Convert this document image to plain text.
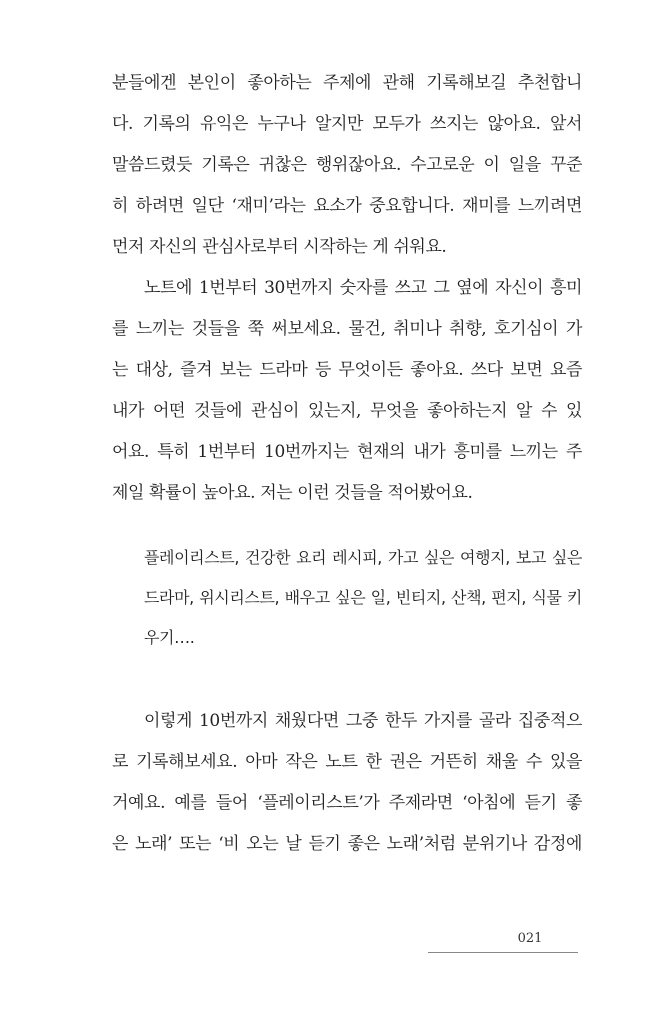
분들에겐 본인이 좋아하는 주제에 관해 기록해보길 추천합니
다. 기록의 유익은 누구나 알지만 모두가 쓰지는 않아요. 앞서
말씀드렸듯 기록은 귀찮은 행위잖아요. 수고로운 이 일을 꾸준
히 하려면 일단 ‘재미’라는 요소가 중요합니다. 재미를 느끼려면
먼저 자신의 관심사로부터 시작하는 게 쉬워요.
노트에 1번부터 30번까지 숫자를 쓰고 그 옆에 자신이 흥미
를 느끼는 것들을 쭉 써보세요. 물건, 취미나 취향, 호기심이 가
는 대상, 즐겨 보는 드라마 등 무엇이든 좋아요. 쓰다 보면 요즘
내가 어떤 것들에 관심이 있는지, 무엇을 좋아하는지 알 수 있
어요. 특히 1번부터 10번까지는 현재의 내가 흥미를 느끼는 주
제일 확률이 높아요. 저는 이런 것들을 적어봤어요.
플레이리스트, 건강한 요리 레시피, 가고 싶은 여행지, 보고 싶은
드라마, 위시리스트, 배우고 싶은 일, 빈티지, 산책, 편지, 식물 키
우기….
이렇게 10번까지 채웠다면 그중 한두 가지를 골라 집중적으
로 기록해보세요. 아마 작은 노트 한 권은 거뜬히 채울 수 있을
거예요. 예를 들어 ‘플레이리스트’가 주제라면 ‘아침에 듣기 좋
은 노래’ 또는 ‘비 오는 날 듣기 좋은 노래’처럼 분위기나 감정에
021
